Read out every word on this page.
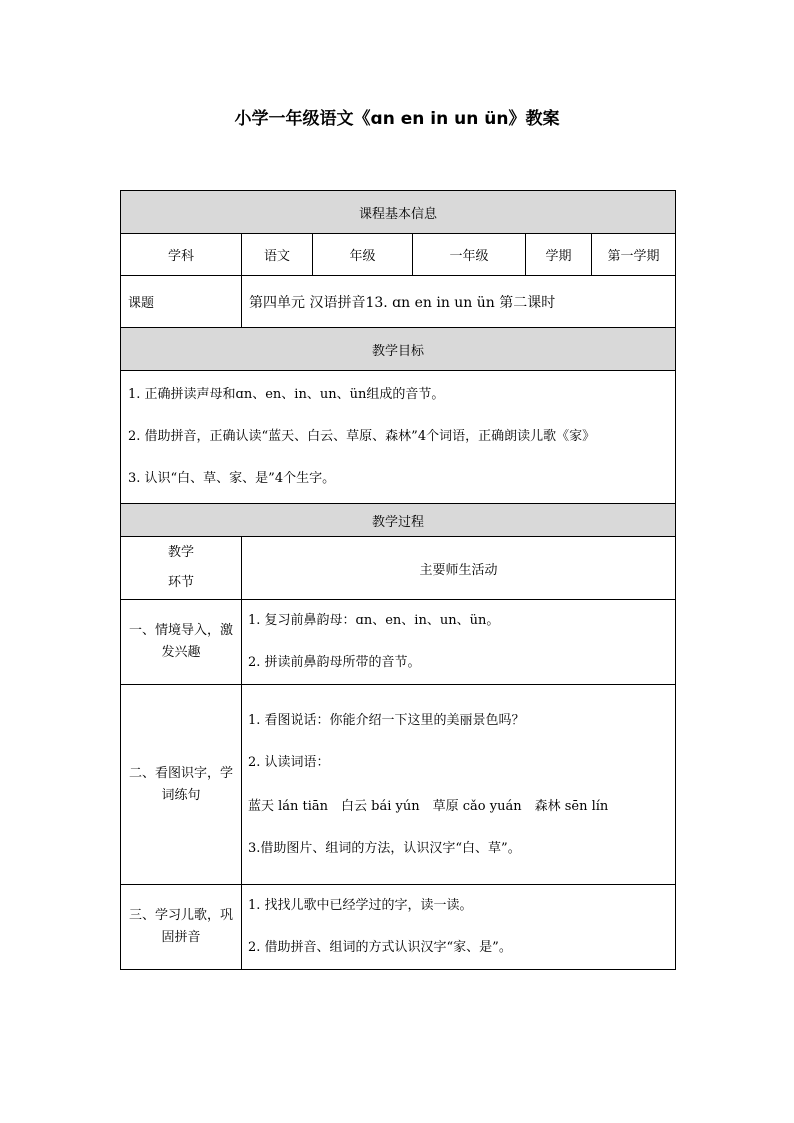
小学一年级语文《ɑn en in un ün》教案
课程基本信息					
学科	语文	年级	一年级	学期	第一学期
课题	第四单元 汉语拼音13. ɑn en in un ün 第二课时				
教学目标					

1. 正确拼读声母和ɑn、en、in、un、ün组成的音节。
2. 借助拼音，正确认读“蓝天、白云、草原、森林”4个词语，正确朗读儿歌《家》
3. 认识“白、草、家、是”4个生字。					

教学过程					

教学
环节	主要师生活动				
一、情境导入，激发兴趣	1. 复习前鼻韵母：ɑn、en、in、un、ün。
2. 拼读前鼻韵母所带的音节。				

二、看图识字，学词练句	1. 看图说话：你能介绍一下这里的美丽景色吗？
2. 认读词语：
蓝天 lán tiān　白云 bái yún　草原 cǎo yuán　森林 sēn lín
3.借助图片、组词的方法，认识汉字“白、草”。				

三、学习儿歌，巩固拼音	1. 找找儿歌中已经学过的字，读一读。
2. 借助拼音、组词的方式认识汉字“家、是”。				
